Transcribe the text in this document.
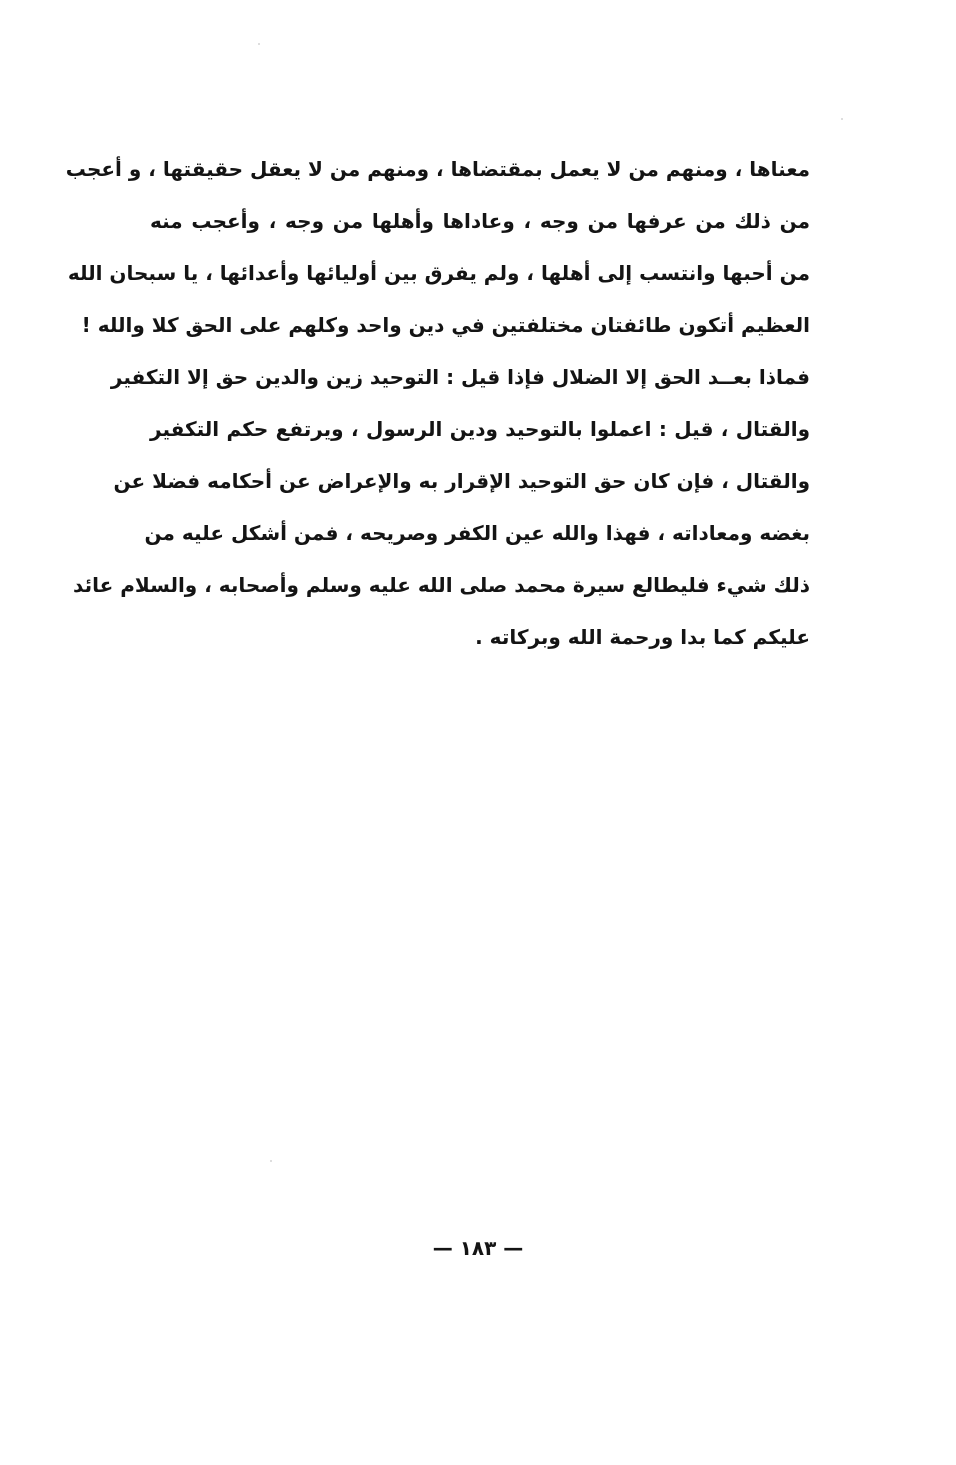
معناها ، ومنهم من لا يعمل بمقتضاها ، ومنهم من لا يعقل حقيقتها ، و أعجب
من ذلك من عرفها من وجه ، وعاداها وأهلها من وجه ، وأعجب منه
من أحبها وانتسب إلى أهلها ، ولم يفرق بين أوليائها وأعدائها ، يا سبحان الله
العظيم أتكون طائفتان مختلفتين في دين واحد وكلهم على الحق كلا والله !
فماذا بعــد الحق إلا الضلال فإذا قيل : التوحيد زين والدين حق إلا التكفير
والقتال ، قيل : اعملوا بالتوحيد ودين الرسول ، ويرتفع حكم التكفير
والقتال ، فإن كان حق التوحيد الإقرار به والإعراض عن أحكامه فضلا عن
بغضه ومعاداته ، فهذا والله عين الكفر وصريحه ، فمن أشكل عليه من
ذلك شيء فليطالع سيرة محمد صلى الله عليه وسلم وأصحابه ، والسلام عائد
عليكم كما بدا ورحمة الله وبركاته .
— ١٨٣ —
